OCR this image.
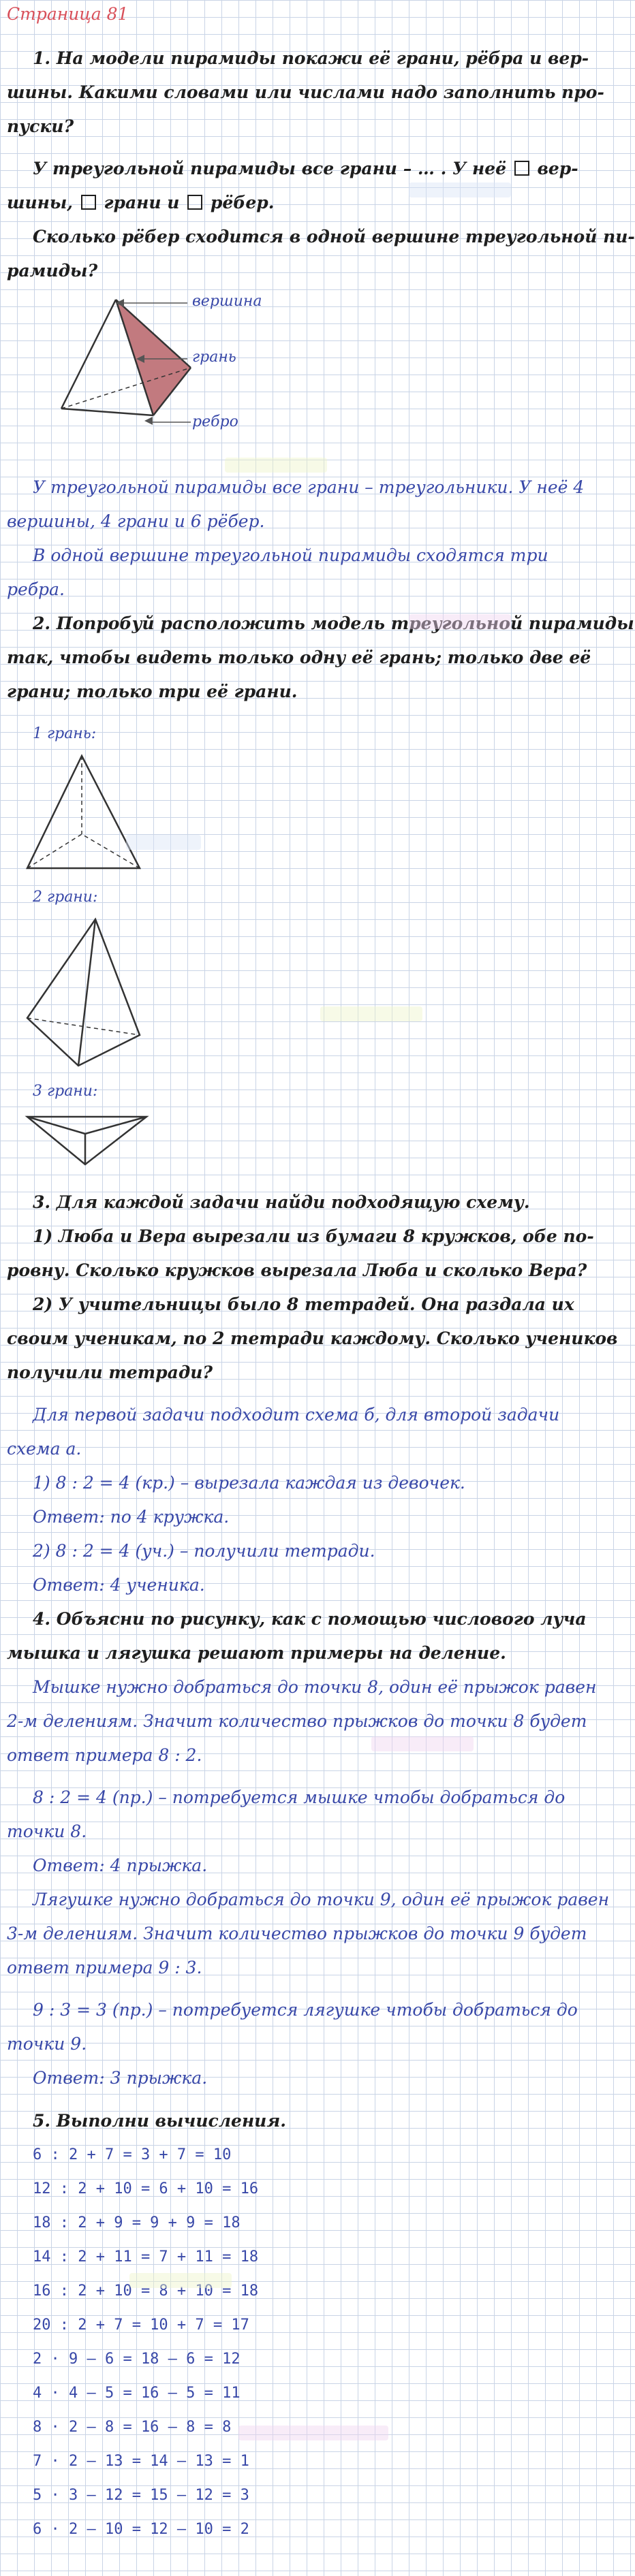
Страница 81
1. На модели пирамиды покажи её грани, рёбра и вер-
шины. Какими словами или числами надо заполнить про-
пуски?
У треугольной пирамиды все грани – … . У неё вер-
шины, грани и рёбер.
Сколько рёбер сходится в одной вершине треугольной пи-
рамиды?
вершина
грань
ребро
У треугольной пирамиды все грани – треугольники. У неё 4
вершины, 4 грани и 6 рёбер.
В одной вершине треугольной пирамиды сходятся три
ребра.
2. Попробуй расположить модель треугольной пирамиды
так, чтобы видеть только одну её грань; только две её
грани; только три её грани.
1 грань:
2 грани:
3 грани:
3. Для каждой задачи найди подходящую схему.
1) Люба и Вера вырезали из бумаги 8 кружков, обе по-
ровну. Сколько кружков вырезала Люба и сколько Вера?
2) У учительницы было 8 тетрадей. Она раздала их
своим ученикам, по 2 тетради каждому. Сколько учеников
получили тетради?
Для первой задачи подходит схема б, для второй задачи
схема а.
1) 8 : 2 = 4 (кр.) – вырезала каждая из девочек.
Ответ: по 4 кружка.
2) 8 : 2 = 4 (уч.) – получили тетради.
Ответ: 4 ученика.
4. Объясни по рисунку, как с помощью числового луча
мышка и лягушка решают примеры на деление.
Мышке нужно добраться до точки 8, один её прыжок равен
2-м делениям. Значит количество прыжков до точки 8 будет
ответ примера 8 : 2.
8 : 2 = 4 (пр.) – потребуется мышке чтобы добраться до
точки 8.
Ответ: 4 прыжка.
Лягушке нужно добраться до точки 9, один её прыжок равен
3-м делениям. Значит количество прыжков до точки 9 будет
ответ примера 9 : 3.
9 : 3 = 3 (пр.) – потребуется лягушке чтобы добраться до
точки 9.
Ответ: 3 прыжка.
5. Выполни вычисления.
6 : 2 + 7 = 3 + 7 = 10
12 : 2 + 10 = 6 + 10 = 16
18 : 2 + 9 = 9 + 9 = 18
14 : 2 + 11 = 7 + 11 = 18
16 : 2 + 10 = 8 + 10 = 18
20 : 2 + 7 = 10 + 7 = 17
2 · 9 – 6 = 18 – 6 = 12
4 · 4 – 5 = 16 – 5 = 11
8 · 2 – 8 = 16 – 8 = 8
7 · 2 – 13 = 14 – 13 = 1
5 · 3 – 12 = 15 – 12 = 3
6 · 2 – 10 = 12 – 10 = 2
